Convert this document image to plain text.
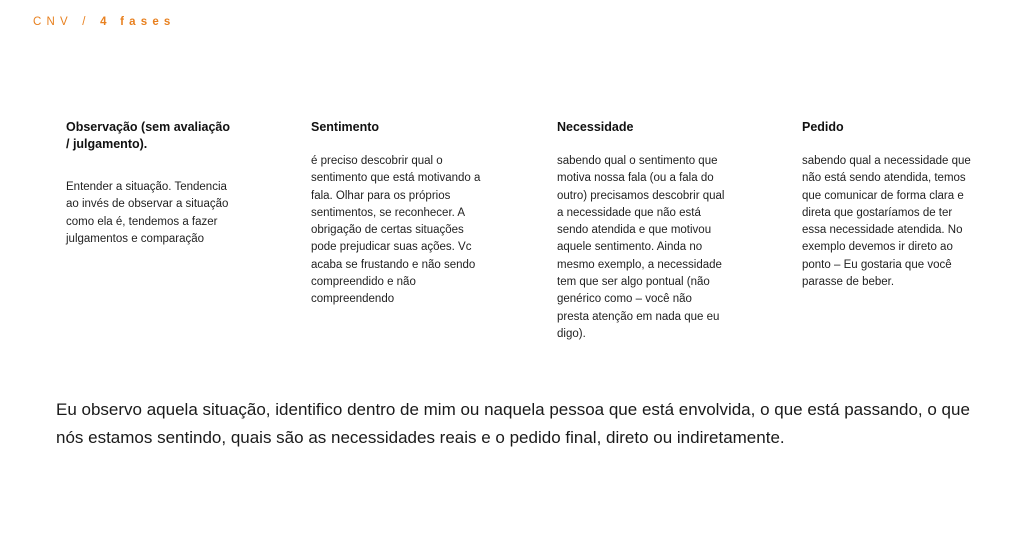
CNV / 4 fases
Observação (sem avaliação / julgamento).

Entender a situação. Tendencia ao invés de observar a situação como ela é, tendemos a fazer julgamentos e comparação

Sentimento

é preciso descobrir qual o sentimento que está motivando a fala. Olhar para os próprios sentimentos, se reconhecer. A obrigação de certas situações pode prejudicar suas ações. Vc acaba se frustando e não sendo compreendido e não compreendendo

Necessidade

sabendo qual o sentimento que motiva nossa fala (ou a fala do outro) precisamos descobrir qual a necessidade que não está sendo atendida e que motivou aquele sentimento. Ainda no mesmo exemplo, a necessidade tem que ser algo pontual (não genérico como – você não presta atenção em nada que eu digo).

Pedido

sabendo qual a necessidade que não está sendo atendida, temos que comunicar de forma clara e direta que gostaríamos de ter essa necessidade atendida. No exemplo devemos ir direto ao ponto – Eu gostaria que você parasse de beber.

Eu observo aquela situação, identifico dentro de mim ou naquela pessoa que está envolvida, o que está passando, o que nós estamos sentindo, quais são as necessidades reais e o pedido final, direto ou indiretamente.
